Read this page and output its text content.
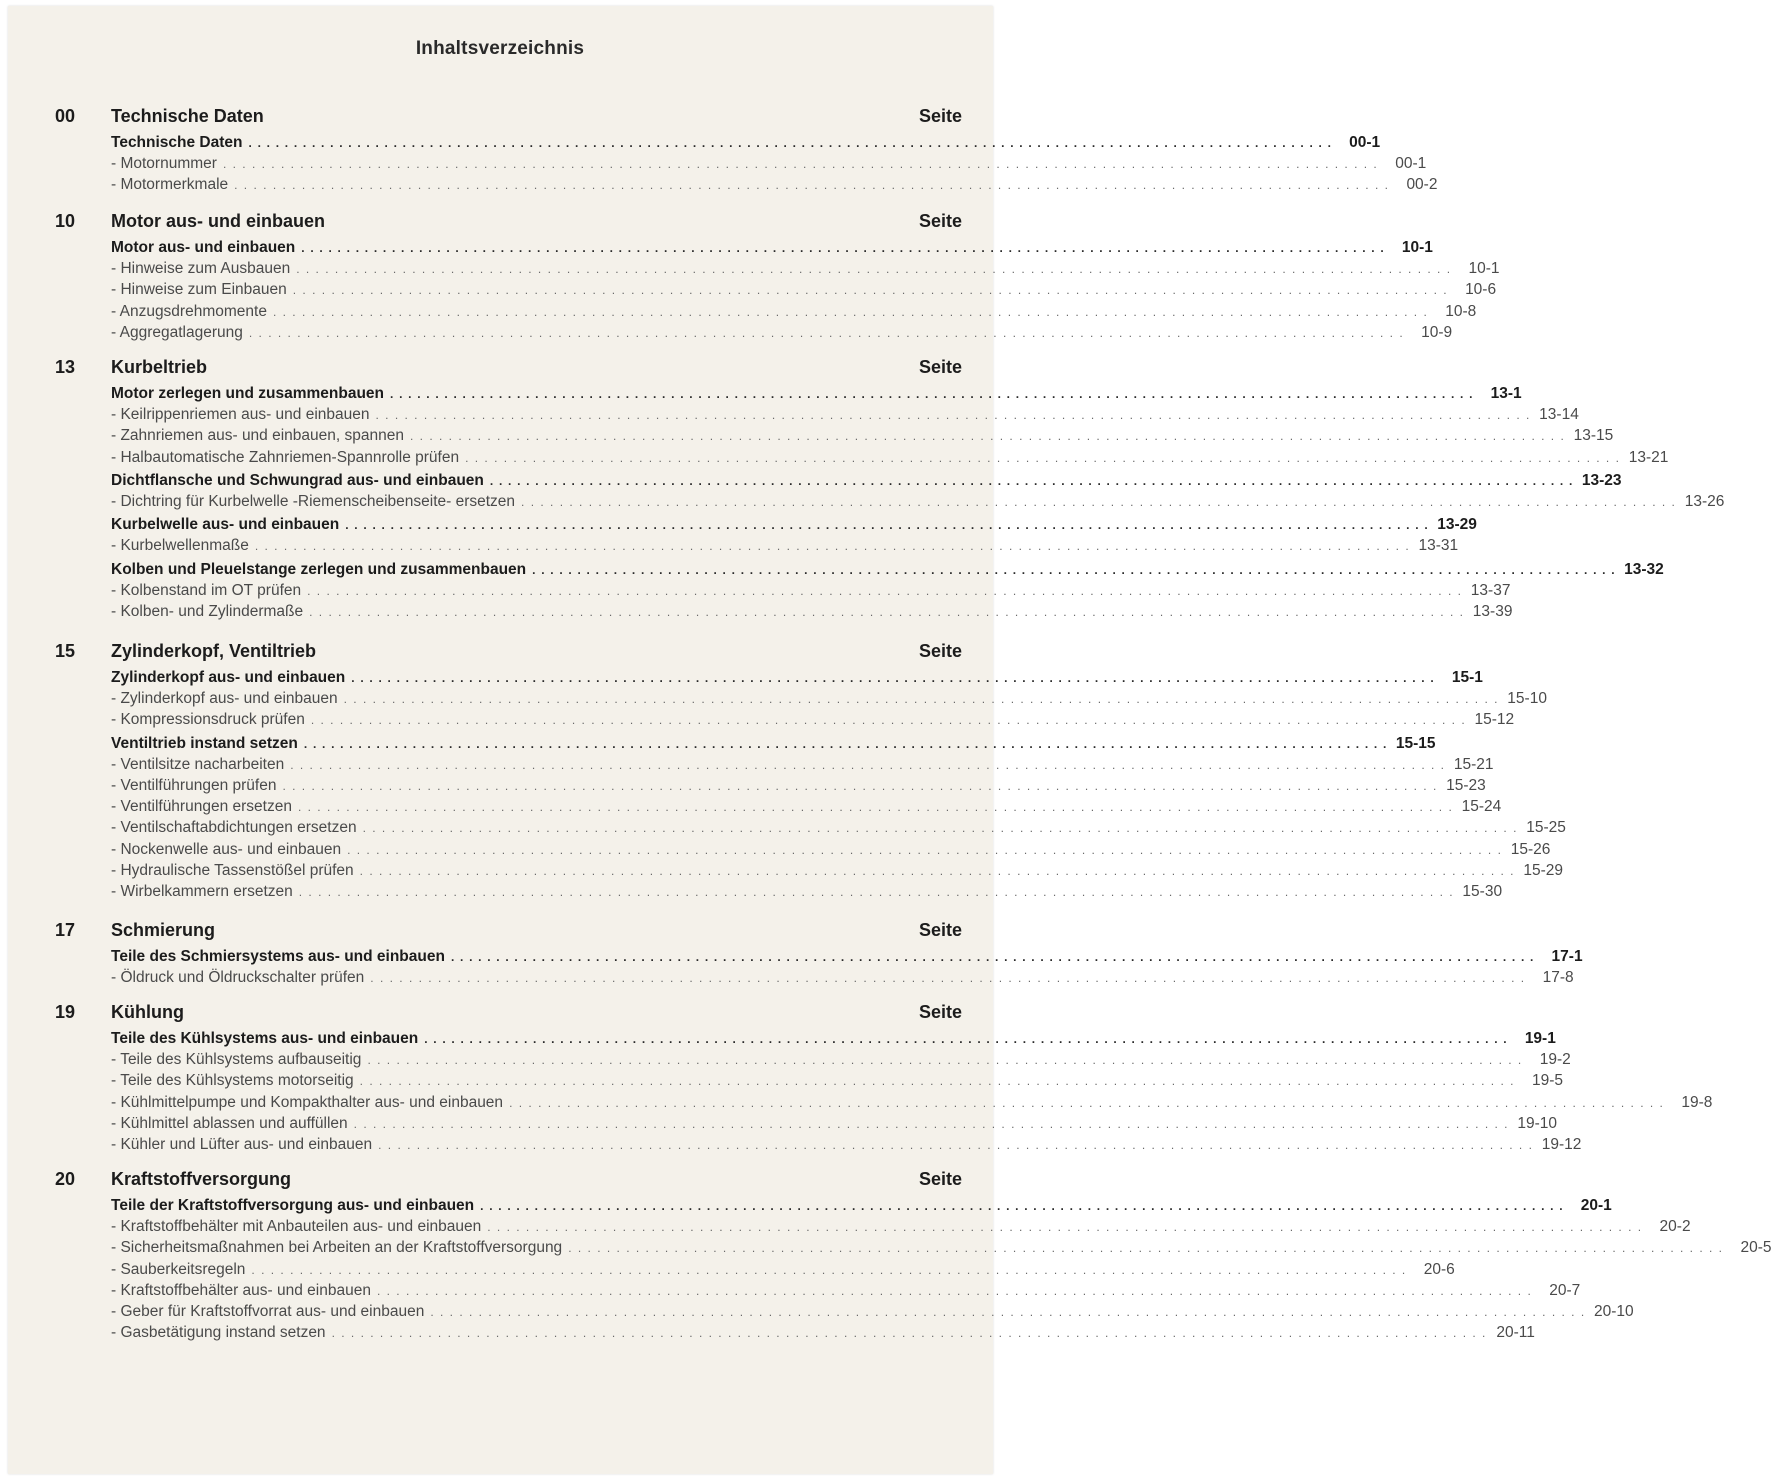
Inhaltsverzeichnis
00 Technische Daten	Seite
Technische Daten . . . . . . . . . . . . . . . . . . . . . . . . . . . . . . . . . . . . . . . . . . . . . . . . . . . . . . . . . . . . . . . . . . . . . . . . . . . . . . . . . . . . . . . . . . . . . . . . . . . . . . . . . . . . . . . . . . . . . . . .	00-1
- Motornummer . . . . . . . . . . . . . . . . . . . . . . . . . . . . . . . . . . . . . . . . . . . . . . . . . . . . . . . . . . . . . . . . . . . . . . . . . . . . . . . . . . . . . . . . . . . . . . . . . . . . . . . . . . . . . . . . . . . . . . . .	00-1
- Motormerkmale . . . . . . . . . . . . . . . . . . . . . . . . . . . . . . . . . . . . . . . . . . . . . . . . . . . . . . . . . . . . . . . . . . . . . . . . . . . . . . . . . . . . . . . . . . . . . . . . . . . . . . . . . . . . . . . . . . . . . . . .	00-2
10 Motor aus- und einbauen	Seite
Motor aus- und einbauen . . . . . . . . . . . . . . . . . . . . . . . . . . . . . . . . . . . . . . . . . . . . . . . . . . . . . . . . . . . . . . . . . . . . . . . . . . . . . . . . . . . . . . . . . . . . . . . . . . . . . . . . . . . . . . . . . . . . . . . .	10-1
- Hinweise zum Ausbauen . . . . . . . . . . . . . . . . . . . . . . . . . . . . . . . . . . . . . . . . . . . . . . . . . . . . . . . . . . . . . . . . . . . . . . . . . . . . . . . . . . . . . . . . . . . . . . . . . . . . . . . . . . . . . . . . . . . . . . . .	10-1
- Hinweise zum Einbauen . . . . . . . . . . . . . . . . . . . . . . . . . . . . . . . . . . . . . . . . . . . . . . . . . . . . . . . . . . . . . . . . . . . . . . . . . . . . . . . . . . . . . . . . . . . . . . . . . . . . . . . . . . . . . . . . . . . . . . . .	10-6
- Anzugsdrehmomente . . . . . . . . . . . . . . . . . . . . . . . . . . . . . . . . . . . . . . . . . . . . . . . . . . . . . . . . . . . . . . . . . . . . . . . . . . . . . . . . . . . . . . . . . . . . . . . . . . . . . . . . . . . . . . . . . . . . . . . .	10-8
- Aggregatlagerung . . . . . . . . . . . . . . . . . . . . . . . . . . . . . . . . . . . . . . . . . . . . . . . . . . . . . . . . . . . . . . . . . . . . . . . . . . . . . . . . . . . . . . . . . . . . . . . . . . . . . . . . . . . . . . . . . . . . . . . .	10-9
13 Kurbeltrieb	Seite
Motor zerlegen und zusammenbauen . . . . . . . . . . . . . . . . . . . . . . . . . . . . . . . . . . . . . . . . . . . . . . . . . . . . . . . . . . . . . . . . . . . . . . . . . . . . . . . . . . . . . . . . . . . . . . . . . . . . . . . . . . . . . . . . . . . . . . . .	13-1
- Keilrippenriemen aus- und einbauen . . . . . . . . . . . . . . . . . . . . . . . . . . . . . . . . . . . . . . . . . . . . . . . . . . . . . . . . . . . . . . . . . . . . . . . . . . . . . . . . . . . . . . . . . . . . . . . . . . . . . . . . . . . . . . . . . . . . . . . . 13-14
- Zahnriemen aus- und einbauen, spannen . . . . . . . . . . . . . . . . . . . . . . . . . . . . . . . . . . . . . . . . . . . . . . . . . . . . . . . . . . . . . . . . . . . . . . . . . . . . . . . . . . . . . . . . . . . . . . . . . . . . . . . . . . . . . . . . . . . . . . . . 13-15
- Halbautomatische Zahnriemen-Spannrolle prüfen . . . . . . . . . . . . . . . . . . . . . . . . . . . . . . . . . . . . . . . . . . . . . . . . . . . . . . . . . . . . . . . . . . . . . . . . . . . . . . . . . . . . . . . . . . . . . . . . . . . . . . . . . . . . . . . . . . . . . . . . 13-21
Dichtflansche und Schwungrad aus- und einbauen . . . . . . . . . . . . . . . . . . . . . . . . . . . . . . . . . . . . . . . . . . . . . . . . . . . . . . . . . . . . . . . . . . . . . . . . . . . . . . . . . . . . . . . . . . . . . . . . . . . . . . . . . . . . . . . . . . . . . . . . 13-23
- Dichtring für Kurbelwelle -Riemenscheibenseite- ersetzen . . . . . . . . . . . . . . . . . . . . . . . . . . . . . . . . . . . . . . . . . . . . . . . . . . . . . . . . . . . . . . . . . . . . . . . . . . . . . . . . . . . . . . . . . . . . . . . . . . . . . . . . . . . . . . . . . . . . . . . . 13-26
Kurbelwelle aus- und einbauen . . . . . . . . . . . . . . . . . . . . . . . . . . . . . . . . . . . . . . . . . . . . . . . . . . . . . . . . . . . . . . . . . . . . . . . . . . . . . . . . . . . . . . . . . . . . . . . . . . . . . . . . . . . . . . . . . . . . . . . . 13-29
- Kurbelwellenmaße . . . . . . . . . . . . . . . . . . . . . . . . . . . . . . . . . . . . . . . . . . . . . . . . . . . . . . . . . . . . . . . . . . . . . . . . . . . . . . . . . . . . . . . . . . . . . . . . . . . . . . . . . . . . . . . . . . . . . . . . 13-31
Kolben und Pleuelstange zerlegen und zusammenbauen . . . . . . . . . . . . . . . . . . . . . . . . . . . . . . . . . . . . . . . . . . . . . . . . . . . . . . . . . . . . . . . . . . . . . . . . . . . . . . . . . . . . . . . . . . . . . . . . . . . . . . . . . . . . . . . . . . . . . . . . 13-32
- Kolbenstand im OT prüfen . . . . . . . . . . . . . . . . . . . . . . . . . . . . . . . . . . . . . . . . . . . . . . . . . . . . . . . . . . . . . . . . . . . . . . . . . . . . . . . . . . . . . . . . . . . . . . . . . . . . . . . . . . . . . . . . . . . . . . . . 13-37
- Kolben- und Zylindermaße . . . . . . . . . . . . . . . . . . . . . . . . . . . . . . . . . . . . . . . . . . . . . . . . . . . . . . . . . . . . . . . . . . . . . . . . . . . . . . . . . . . . . . . . . . . . . . . . . . . . . . . . . . . . . . . . . . . . . . . . 13-39
15 Zylinderkopf, Ventiltrieb	Seite
Zylinderkopf aus- und einbauen . . . . . . . . . . . . . . . . . . . . . . . . . . . . . . . . . . . . . . . . . . . . . . . . . . . . . . . . . . . . . . . . . . . . . . . . . . . . . . . . . . . . . . . . . . . . . . . . . . . . . . . . . . . . . . . . . . . . . . . .	15-1
- Zylinderkopf aus- und einbauen . . . . . . . . . . . . . . . . . . . . . . . . . . . . . . . . . . . . . . . . . . . . . . . . . . . . . . . . . . . . . . . . . . . . . . . . . . . . . . . . . . . . . . . . . . . . . . . . . . . . . . . . . . . . . . . . . . . . . . . . 15-10
- Kompressionsdruck prüfen . . . . . . . . . . . . . . . . . . . . . . . . . . . . . . . . . . . . . . . . . . . . . . . . . . . . . . . . . . . . . . . . . . . . . . . . . . . . . . . . . . . . . . . . . . . . . . . . . . . . . . . . . . . . . . . . . . . . . . . . 15-12
Ventiltrieb instand setzen . . . . . . . . . . . . . . . . . . . . . . . . . . . . . . . . . . . . . . . . . . . . . . . . . . . . . . . . . . . . . . . . . . . . . . . . . . . . . . . . . . . . . . . . . . . . . . . . . . . . . . . . . . . . . . . . . . . . . . . . 15-15
- Ventilsitze nacharbeiten . . . . . . . . . . . . . . . . . . . . . . . . . . . . . . . . . . . . . . . . . . . . . . . . . . . . . . . . . . . . . . . . . . . . . . . . . . . . . . . . . . . . . . . . . . . . . . . . . . . . . . . . . . . . . . . . . . . . . . . . 15-21
- Ventilführungen prüfen . . . . . . . . . . . . . . . . . . . . . . . . . . . . . . . . . . . . . . . . . . . . . . . . . . . . . . . . . . . . . . . . . . . . . . . . . . . . . . . . . . . . . . . . . . . . . . . . . . . . . . . . . . . . . . . . . . . . . . . . 15-23
- Ventilführungen ersetzen . . . . . . . . . . . . . . . . . . . . . . . . . . . . . . . . . . . . . . . . . . . . . . . . . . . . . . . . . . . . . . . . . . . . . . . . . . . . . . . . . . . . . . . . . . . . . . . . . . . . . . . . . . . . . . . . . . . . . . . . 15-24
- Ventilschaftabdichtungen ersetzen . . . . . . . . . . . . . . . . . . . . . . . . . . . . . . . . . . . . . . . . . . . . . . . . . . . . . . . . . . . . . . . . . . . . . . . . . . . . . . . . . . . . . . . . . . . . . . . . . . . . . . . . . . . . . . . . . . . . . . . . 15-25
- Nockenwelle aus- und einbauen . . . . . . . . . . . . . . . . . . . . . . . . . . . . . . . . . . . . . . . . . . . . . . . . . . . . . . . . . . . . . . . . . . . . . . . . . . . . . . . . . . . . . . . . . . . . . . . . . . . . . . . . . . . . . . . . . . . . . . . . 15-26
- Hydraulische Tassenstößel prüfen . . . . . . . . . . . . . . . . . . . . . . . . . . . . . . . . . . . . . . . . . . . . . . . . . . . . . . . . . . . . . . . . . . . . . . . . . . . . . . . . . . . . . . . . . . . . . . . . . . . . . . . . . . . . . . . . . . . . . . . . 15-29
- Wirbelkammern ersetzen . . . . . . . . . . . . . . . . . . . . . . . . . . . . . . . . . . . . . . . . . . . . . . . . . . . . . . . . . . . . . . . . . . . . . . . . . . . . . . . . . . . . . . . . . . . . . . . . . . . . . . . . . . . . . . . . . . . . . . . . 15-30
17 Schmierung	Seite
Teile des Schmiersystems aus- und einbauen . . . . . . . . . . . . . . . . . . . . . . . . . . . . . . . . . . . . . . . . . . . . . . . . . . . . . . . . . . . . . . . . . . . . . . . . . . . . . . . . . . . . . . . . . . . . . . . . . . . . . . . . . . . . . . . . . . . . . . . .	17-1
- Öldruck und Öldruckschalter prüfen . . . . . . . . . . . . . . . . . . . . . . . . . . . . . . . . . . . . . . . . . . . . . . . . . . . . . . . . . . . . . . . . . . . . . . . . . . . . . . . . . . . . . . . . . . . . . . . . . . . . . . . . . . . . . . . . . . . . . . . .	17-8
19 Kühlung	Seite
Teile des Kühlsystems aus- und einbauen . . . . . . . . . . . . . . . . . . . . . . . . . . . . . . . . . . . . . . . . . . . . . . . . . . . . . . . . . . . . . . . . . . . . . . . . . . . . . . . . . . . . . . . . . . . . . . . . . . . . . . . . . . . . . . . . . . . . . . . .	19-1
- Teile des Kühlsystems aufbauseitig . . . . . . . . . . . . . . . . . . . . . . . . . . . . . . . . . . . . . . . . . . . . . . . . . . . . . . . . . . . . . . . . . . . . . . . . . . . . . . . . . . . . . . . . . . . . . . . . . . . . . . . . . . . . . . . . . . . . . . . .	19-2
- Teile des Kühlsystems motorseitig . . . . . . . . . . . . . . . . . . . . . . . . . . . . . . . . . . . . . . . . . . . . . . . . . . . . . . . . . . . . . . . . . . . . . . . . . . . . . . . . . . . . . . . . . . . . . . . . . . . . . . . . . . . . . . . . . . . . . . . .	19-5
- Kühlmittelpumpe und Kompakthalter aus- und einbauen . . . . . . . . . . . . . . . . . . . . . . . . . . . . . . . . . . . . . . . . . . . . . . . . . . . . . . . . . . . . . . . . . . . . . . . . . . . . . . . . . . . . . . . . . . . . . . . . . . . . . . . . . . . . . . . . . . . . . . . .	19-8
- Kühlmittel ablassen und auffüllen . . . . . . . . . . . . . . . . . . . . . . . . . . . . . . . . . . . . . . . . . . . . . . . . . . . . . . . . . . . . . . . . . . . . . . . . . . . . . . . . . . . . . . . . . . . . . . . . . . . . . . . . . . . . . . . . . . . . . . . . 19-10
- Kühler und Lüfter aus- und einbauen . . . . . . . . . . . . . . . . . . . . . . . . . . . . . . . . . . . . . . . . . . . . . . . . . . . . . . . . . . . . . . . . . . . . . . . . . . . . . . . . . . . . . . . . . . . . . . . . . . . . . . . . . . . . . . . . . . . . . . . . 19-12
20 Kraftstoffversorgung	Seite
Teile der Kraftstoffversorgung aus- und einbauen . . . . . . . . . . . . . . . . . . . . . . . . . . . . . . . . . . . . . . . . . . . . . . . . . . . . . . . . . . . . . . . . . . . . . . . . . . . . . . . . . . . . . . . . . . . . . . . . . . . . . . . . . . . . . . . . . . . . . . . .	20-1
- Kraftstoffbehälter mit Anbauteilen aus- und einbauen . . . . . . . . . . . . . . . . . . . . . . . . . . . . . . . . . . . . . . . . . . . . . . . . . . . . . . . . . . . . . . . . . . . . . . . . . . . . . . . . . . . . . . . . . . . . . . . . . . . . . . . . . . . . . . . . . . . . . . . .	20-2
- Sicherheitsmaßnahmen bei Arbeiten an der Kraftstoffversorgung . . . . . . . . . . . . . . . . . . . . . . . . . . . . . . . . . . . . . . . . . . . . . . . . . . . . . . . . . . . . . . . . . . . . . . . . . . . . . . . . . . . . . . . . . . . . . . . . . . . . . . . . . . . . . . . . . . . . . . . .	20-5
- Sauberkeitsregeln . . . . . . . . . . . . . . . . . . . . . . . . . . . . . . . . . . . . . . . . . . . . . . . . . . . . . . . . . . . . . . . . . . . . . . . . . . . . . . . . . . . . . . . . . . . . . . . . . . . . . . . . . . . . . . . . . . . . . . . .	20-6
- Kraftstoffbehälter aus- und einbauen . . . . . . . . . . . . . . . . . . . . . . . . . . . . . . . . . . . . . . . . . . . . . . . . . . . . . . . . . . . . . . . . . . . . . . . . . . . . . . . . . . . . . . . . . . . . . . . . . . . . . . . . . . . . . . . . . . . . . . . .	20-7
- Geber für Kraftstoffvorrat aus- und einbauen . . . . . . . . . . . . . . . . . . . . . . . . . . . . . . . . . . . . . . . . . . . . . . . . . . . . . . . . . . . . . . . . . . . . . . . . . . . . . . . . . . . . . . . . . . . . . . . . . . . . . . . . . . . . . . . . . . . . . . . . 20-10
- Gasbetätigung instand setzen . . . . . . . . . . . . . . . . . . . . . . . . . . . . . . . . . . . . . . . . . . . . . . . . . . . . . . . . . . . . . . . . . . . . . . . . . . . . . . . . . . . . . . . . . . . . . . . . . . . . . . . . . . . . . . . . . . . . . . . . 20-11
